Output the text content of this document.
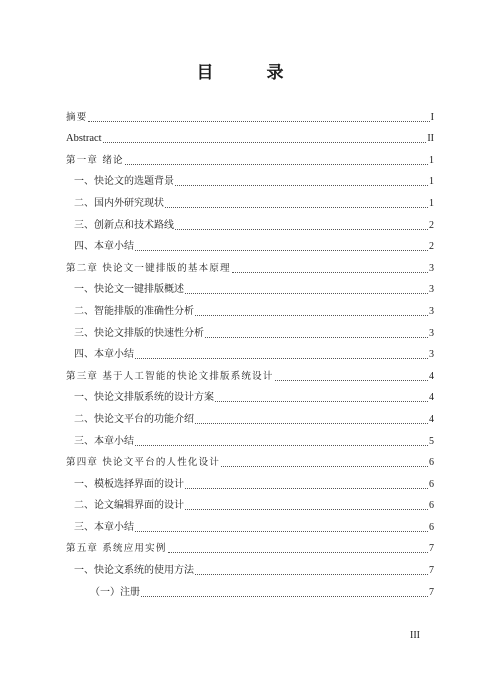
目　录
摘要	I
Abstract	II
第一章 绪论	1
一、快论文的选题背景	1
二、国内外研究现状	1
三、创新点和技术路线	2
四、本章小结	2
第二章 快论文一键排版的基本原理	3
一、快论文一键排版概述	3
二、智能排版的准确性分析	3
三、快论文排版的快速性分析	3
四、本章小结	3
第三章 基于人工智能的快论文排版系统设计	4
一、快论文排版系统的设计方案	4
二、快论文平台的功能介绍	4
三、本章小结	5
第四章 快论文平台的人性化设计	6
一、模板选择界面的设计	6
二、论文编辑界面的设计	6
三、本章小结	6
第五章 系统应用实例	7
一、快论文系统的使用方法	7
（一）注册	7
III
